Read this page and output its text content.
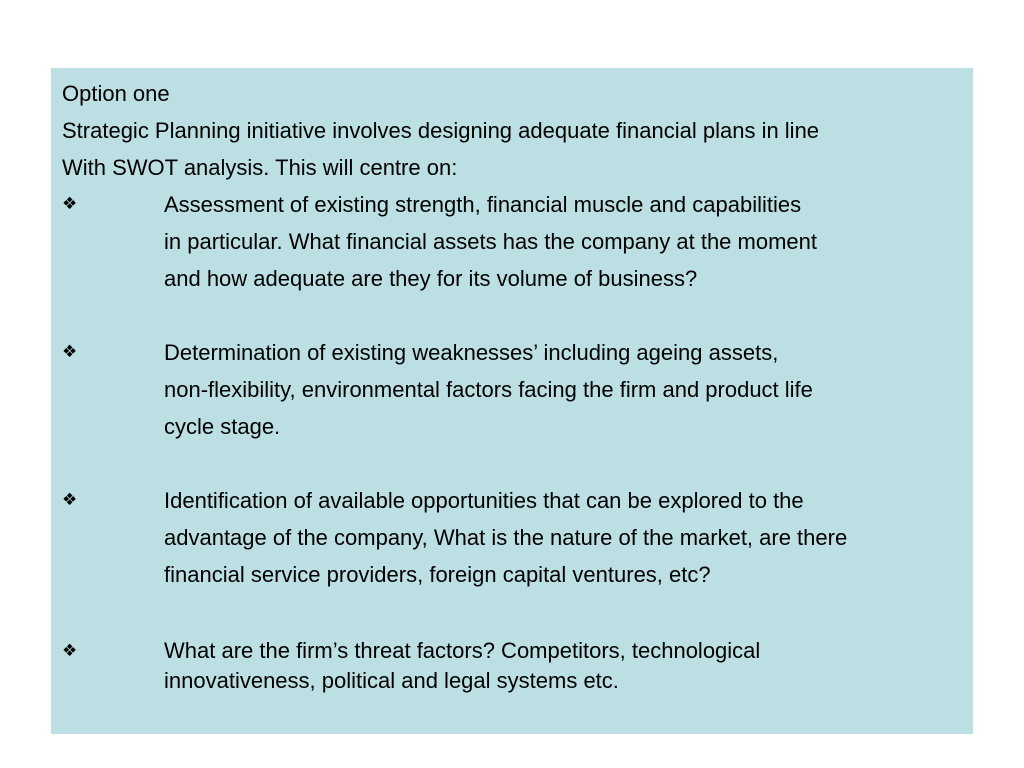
Option one

Strategic Planning initiative involves designing adequate financial plans in line

With SWOT analysis. This will centre on:

❖	Assessment of existing strength, financial muscle and capabilities
in particular. What financial assets has the company at the moment
and how adequate are they for its volume of business?
❖	Determination of existing weaknesses’ including ageing assets,
non-flexibility, environmental factors facing the firm and product life
cycle stage.
❖	Identification of available opportunities that can be explored to the
advantage of the company, What is the nature of the market, are there
financial service providers, foreign capital ventures, etc?
❖	What are the firm’s threat factors? Competitors, technological
innovativeness, political and legal systems etc.
